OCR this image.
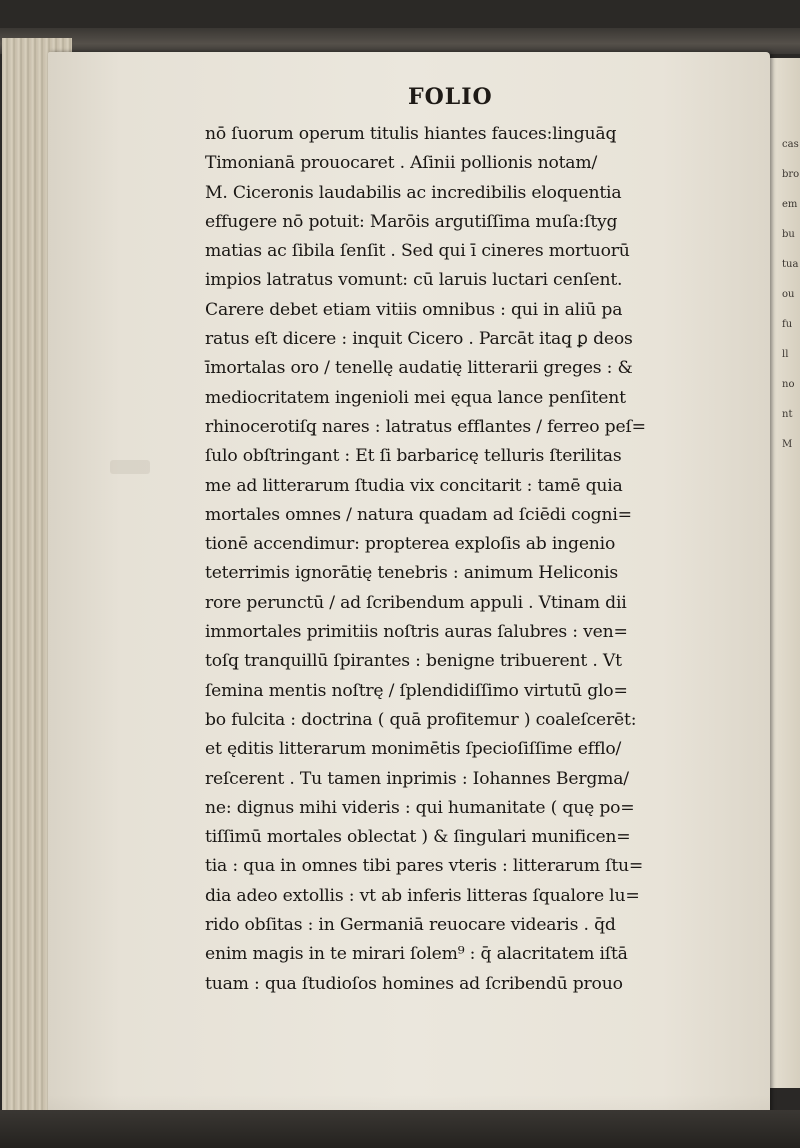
cas
bro
em
bu
tua
ou
fu
ll
no
nt
M
FOLIO
nō ſuorum operum titulis hiantes fauces:linguāq̧
Timonianā prouocaret . Aſinii pollionis notam/
M. Ciceronis laudabilis ac incredibilis eloquentia
effugere nō potuit: Marōis argutiſſima muſa:ſtyg
matias ac ſibila ſenſit . Sed qui ī cineres mortuorū
impios latratus vomunt: cū laruis luctari cenſent.
Carere debet etiam vitiis omnibus : qui in aliū pa
ratus eſt dicere : inquit Cicero . Parcāt itaq̧ ꝑ deos
īmortalas oro / tenellę audatię litterarii greges : &
mediocritatem ingenioli mei ęqua lance penſitent
rhinocerotiſq̧ nares : latratus efflantes / ferreo peſ=
ſulo obſtringant : Et ſi barbaricę telluris ſterilitas
me ad litterarum ſtudia vix concitarit : tamē quia
mortales omnes / natura quadam ad ſciēdi cogni=
tionē accendimur: propterea exploſis ab ingenio
teterrimis ignorātię tenebris : animum Heliconis
rore perunctū / ad ſcribendum appuli . Vtinam dii
immortales primitiis noſtris auras ſalubres : ven=
toſq̧ tranquillū ſpirantes : benigne tribuerent . Vt
ſemina mentis noſtrę / ſplendidiſſimo virtutū glo=
bo fulcita : doctrina ( quā profitemur ) coaleſcerēt:
et ęditis litterarum monimētis ſpecioſiſſime efflo/
reſcerent . Tu tamen inprimis : Iohannes Bergma/
ne: dignus mihi videris : qui humanitate ( quę po=
tiſſimū mortales oblectat ) & ſingulari munificen=
tia : qua in omnes tibi pares vteris : litterarum ſtu=
dia adeo extollis : vt ab inferis litteras ſqualore lu=
rido obſitas : in Germaniā reuocare videaris . q̄d
enim magis in te mirari ſolem⁹ : q̄ alacritatem iſtā
tuam : qua ſtudioſos homines ad ſcribendū prouo
